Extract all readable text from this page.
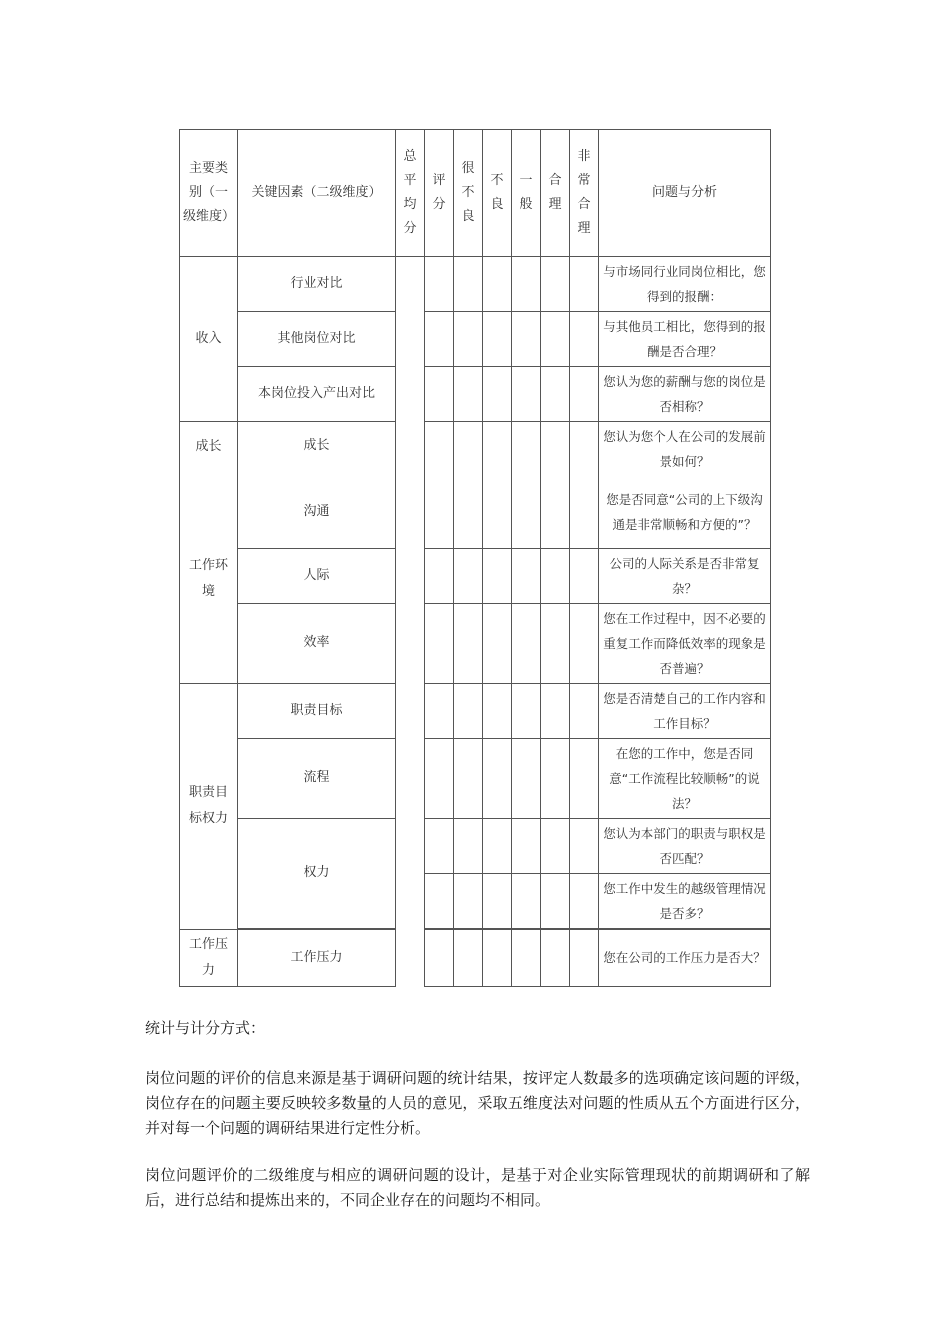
主要类别（一级维度）	关键因素（二级维度）	总平均分	评分	很不良	不良	一般	合理	非常合理	问题与分析
收入	行业对比								与市场同行业同岗位相比，您得到的报酬：
	其他岗位对比								与其他员工相比，您得到的报酬是否合理？
	本岗位投入产出对比								您认为您的薪酬与您的岗位是否相称？
成长	成长								您认为您个人在公司的发展前景如何？
工作环境	沟通								您是否同意“公司的上下级沟通是非常顺畅和方便的”？
	人际								公司的人际关系是否非常复杂？
	效率								您在工作过程中，因不必要的重复工作而降低效率的现象是否普遍？
职责目标权力	职责目标								您是否清楚自己的工作内容和工作目标？
	流程								在您的工作中，您是否同意“工作流程比较顺畅”的说法？
	权力								您认为本部门的职责与职权是否匹配？
									您工作中发生的越级管理情况是否多？

工作压力	工作压力								您在公司的工作压力是否大？

统计与计分方式：

岗位问题的评价的信息来源是基于调研问题的统计结果，按评定人数最多的选项确定该问题的评级，岗位存在的问题主要反映较多数量的人员的意见，采取五维度法对问题的性质从五个方面进行区分，并对每一个问题的调研结果进行定性分析。

岗位问题评价的二级维度与相应的调研问题的设计，是基于对企业实际管理现状的前期调研和了解后，进行总结和提炼出来的，不同企业存在的问题均不相同。
